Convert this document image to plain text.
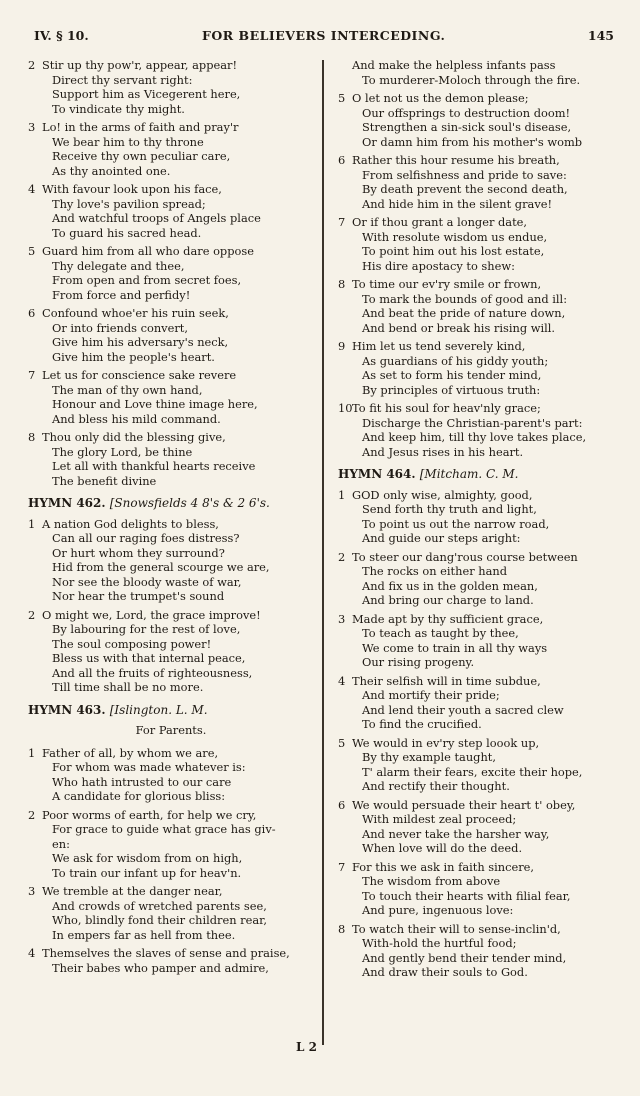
IV. § 10.	FOR BELIEVERS INTERCEDING.	145
2 Stir up thy pow'r, appear, appear!
Direct thy servant right:
Support him as Vicegerent here,
To vindicate thy might.
3 Lo! in the arms of faith and pray'r
We bear him to thy throne
Receive thy own peculiar care,
As thy anointed one.
4 With favour look upon his face,
Thy love's pavilion spread;
And watchful troops of Angels place
To guard his sacred head.
5 Guard him from all who dare oppose
Thy delegate and thee,
From open and from secret foes,
From force and perfidy!
6 Confound whoe'er his ruin seek,
Or into friends convert,
Give him his adversary's neck,
Give him the people's heart.
7 Let us for conscience sake revere
The man of thy own hand,
Honour and Love thine image here,
And bless his mild command.
8 Thou only did the blessing give,
The glory Lord, be thine
Let all with thankful hearts receive
The benefit divine
HYMN 462. [Snowsfields 4 8's & 2 6's.
1 A nation God delights to bless,
Can all our raging foes distress?
Or hurt whom they surround?
Hid from the general scourge we are,
Nor see the bloody waste of war,
Nor hear the trumpet's sound
2 O might we, Lord, the grace improve!
By labouring for the rest of love,
The soul composing power!
Bless us with that internal peace,
And all the fruits of righteousness,
Till time shall be no more.
HYMN 463. [Islington. L. M.
For Parents.
1 Father of all, by whom we are,
For whom was made whatever is:
Who hath intrusted to our care
A candidate for glorious bliss:
2 Poor worms of earth, for help we cry,
For grace to guide what grace has giv-
en:
We ask for wisdom from on high,
To train our infant up for heav'n.
3 We tremble at the danger near,
And crowds of wretched parents see,
Who, blindly fond their children rear,
In empers far as hell from thee.
4 Themselves the slaves of sense and praise,
Their babes who pamper and admire,
And make the helpless infants pass
To murderer-Moloch through the fire.
5 O let not us the demon please;
Our offsprings to destruction doom!
Strengthen a sin-sick soul's disease,
Or damn him from his mother's womb
6 Rather this hour resume his breath,
From selfishness and pride to save:
By death prevent the second death,
And hide him in the silent grave!
7 Or if thou grant a longer date,
With resolute wisdom us endue,
To point him out his lost estate,
His dire apostacy to shew:
8 To time our ev'ry smile or frown,
To mark the bounds of good and ill:
And beat the pride of nature down,
And bend or break his rising will.
9 Him let us tend severely kind,
As guardians of his giddy youth;
As set to form his tender mind,
By principles of virtuous truth:
10To fit his soul for heav'nly grace;
Discharge the Christian-parent's part:
And keep him, till thy love takes place,
And Jesus rises in his heart.
HYMN 464. [Mitcham. C. M.
1 GOD only wise, almighty, good,
Send forth thy truth and light,
To point us out the narrow road,
And guide our steps aright:
2 To steer our dang'rous course between
The rocks on either hand
And fix us in the golden mean,
And bring our charge to land.
3 Made apt by thy sufficient grace,
To teach as taught by thee,
We come to train in all thy ways
Our rising progeny.
4 Their selfish will in time subdue,
And mortify their pride;
And lend their youth a sacred clew
To find the crucified.
5 We would in ev'ry step loook up,
By thy example taught,
T' alarm their fears, excite their hope,
And rectify their thought.
6 We would persuade their heart t' obey,
With mildest zeal proceed;
And never take the harsher way,
When love will do the deed.
7 For this we ask in faith sincere,
The wisdom from above
To touch their hearts with filial fear,
And pure, ingenuous love:
8 To watch their will to sense-inclin'd,
With-hold the hurtful food;
And gently bend their tender mind,
And draw their souls to God.
L 2
